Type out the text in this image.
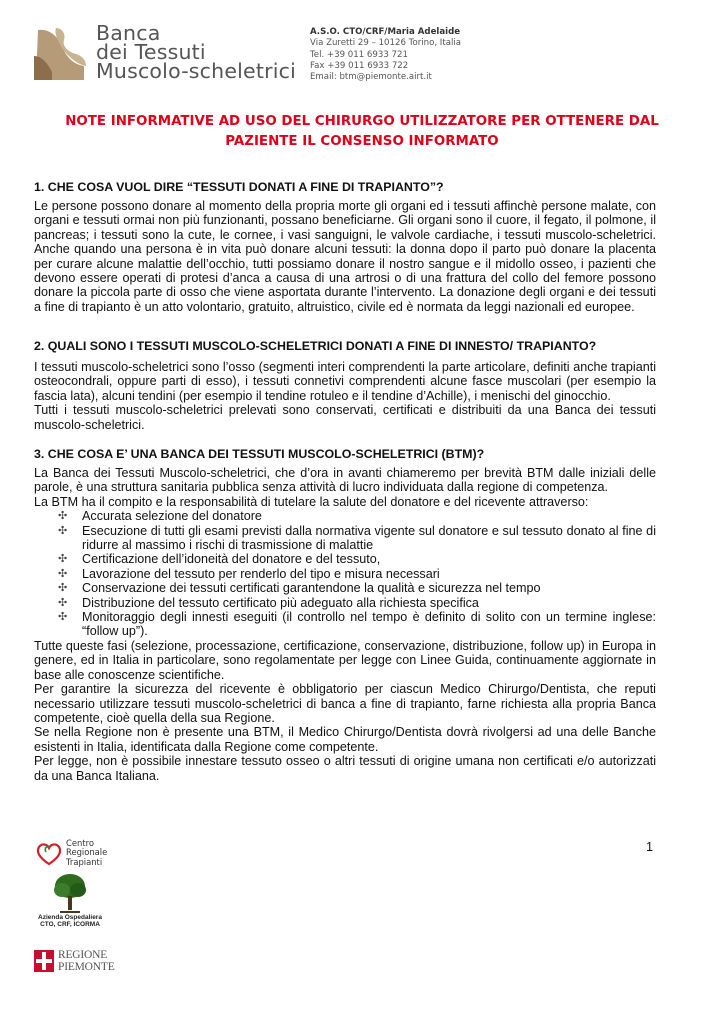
Banca
dei Tessuti
Muscolo-scheletrici
A.S.O. CTO/CRF/Maria Adelaide
Via Zuretti 29 – 10126 Torino, Italia
Tel. +39 011 6933 721
Fax +39 011 6933 722
Email: btm@piemonte.airt.it
NOTE INFORMATIVE AD USO DEL CHIRURGO UTILIZZATORE PER OTTENERE DAL
PAZIENTE IL CONSENSO INFORMATO
1. CHE COSA VUOL DIRE “TESSUTI DONATI A FINE DI TRAPIANTO”?

Le persone possono donare al momento della propria morte gli organi ed i tessuti affinchè persone malate, con organi e tessuti ormai non più funzionanti, possano beneficiarne. Gli organi sono il cuore, il fegato, il polmone, il pancreas; i tessuti sono la cute, le cornee, i vasi sanguigni, le valvole cardiache, i tessuti muscolo-scheletrici. Anche quando una persona è in vita può donare alcuni tessuti: la donna dopo il parto può donare la placenta per curare alcune malattie dell’occhio, tutti possiamo donare il nostro sangue e il midollo osseo, i pazienti che devono essere operati di protesi d’anca a causa di una artrosi o di una frattura del collo del femore possono donare la piccola parte di osso che viene asportata durante l’intervento. La donazione degli organi e dei tessuti a fine di trapianto è un atto volontario, gratuito, altruistico, civile ed è normata da leggi nazionali ed europee.

2. QUALI SONO I TESSUTI MUSCOLO-SCHELETRICI DONATI A FINE DI INNESTO/ TRAPIANTO?

I tessuti muscolo-scheletrici sono l’osso (segmenti interi comprendenti la parte articolare, definiti anche trapianti osteocondrali, oppure parti di esso), i tessuti connetivi comprendenti alcune fasce muscolari (per esempio la fascia lata), alcuni tendini (per esempio il tendine rotuleo e il tendine d’Achille), i menischi del ginocchio.

Tutti i tessuti muscolo-scheletrici prelevati sono conservati, certificati e distribuiti da una Banca dei tessuti muscolo-scheletrici.

3. CHE COSA E’ UNA BANCA DEI TESSUTI MUSCOLO-SCHELETRICI (BTM)?

La Banca dei Tessuti Muscolo-scheletrici, che d’ora in avanti chiameremo per brevità BTM dalle iniziali delle parole, è una struttura sanitaria pubblica senza attività di lucro individuata dalla regione di competenza.

La BTM ha il compito e la responsabilità di tutelare la salute del donatore e del ricevente attraverso:

✣ Accurata selezione del donatore
✣ Esecuzione di tutti gli esami previsti dalla normativa vigente sul donatore e sul tessuto donato al fine di ridurre al massimo i rischi di trasmissione di malattie
✣ Certificazione dell’idoneità del donatore e del tessuto,
✣ Lavorazione del tessuto per renderlo del tipo e misura necessari
✣ Conservazione dei tessuti certificati garantendone la qualità e sicurezza nel tempo
✣ Distribuzione del tessuto certificato più adeguato alla richiesta specifica
✣ Monitoraggio degli innesti eseguiti (il controllo nel tempo è definito di solito con un termine inglese: “follow up”).

Tutte queste fasi (selezione, processazione, certificazione, conservazione, distribuzione, follow up) in Europa in genere, ed in Italia in particolare, sono regolamentate per legge con Linee Guida, continuamente aggiornate in base alle conoscenze scientifiche.

Per garantire la sicurezza del ricevente è obbligatorio per ciascun Medico Chirurgo/Dentista, che reputi necessario utilizzare tessuti muscolo-scheletrici di banca a fine di trapianto, farne richiesta alla propria Banca competente, cioè quella della sua Regione.

Se nella Regione non è presente una BTM, il Medico Chirurgo/Dentista dovrà rivolgersi ad una delle Banche esistenti in Italia, identificata dalla Regione come competente.

Per legge, non è possibile innestare tessuto osseo o altri tessuti di origine umana non certificati e/o autorizzati da una Banca Italiana.

1
Centro
Regionale
Trapianti
Azienda Ospedaliera
CTO, CRF, ICORMA
REGIONE
PIEMONTE
